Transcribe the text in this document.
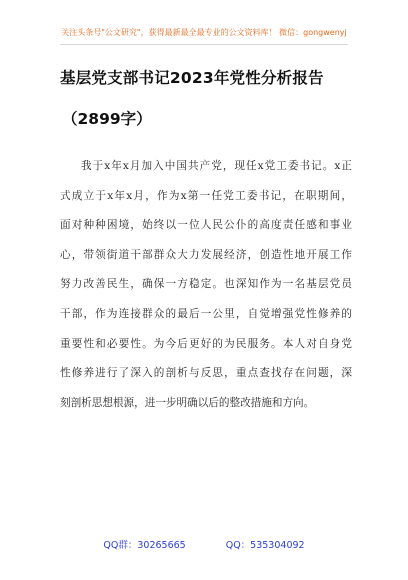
关注头条号"公文研究"，获得最新最全最专业的公文资料库！ 微信：gongwenyj
基层党支部书记2023年党性分析报告
（2899字）
我于x年x月加入中国共产党，现任x党工委书记。x正
式成立于x年x月，作为x第一任党工委书记，在职期间，
面对种种困境，始终以一位人民公仆的高度责任感和事业
心，带领街道干部群众大力发展经济，创造性地开展工作
努力改善民生，确保一方稳定。也深知作为一名基层党员
干部，作为连接群众的最后一公里，自觉增强党性修养的
重要性和必要性。为今后更好的为民服务。本人对自身党
性修养进行了深入的剖析与反思，重点查找存在问题，深
刻剖析思想根源，进一步明确以后的整改措施和方向。
QQ群：30265665	QQ：535304092
